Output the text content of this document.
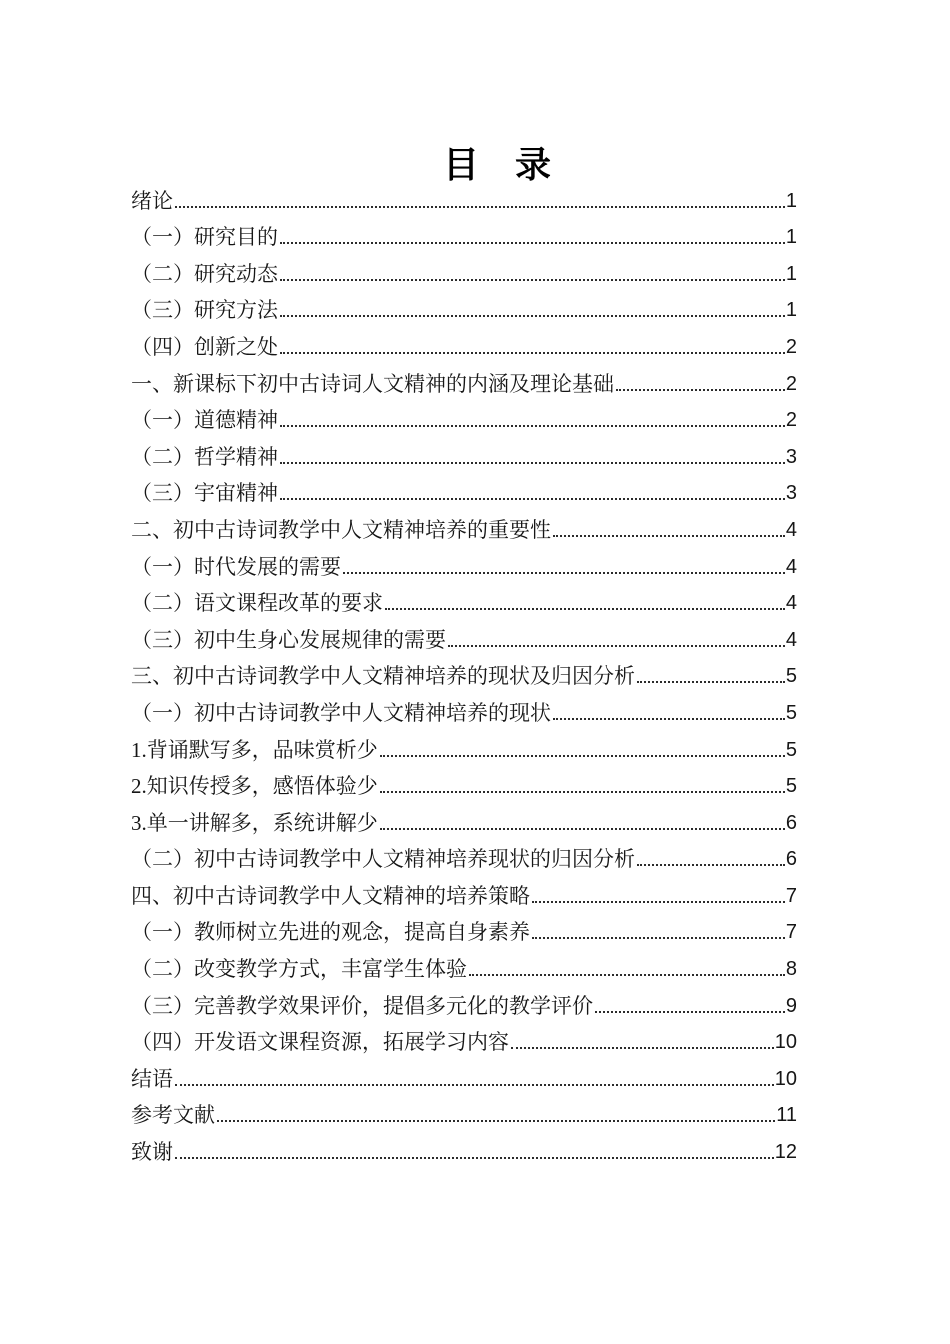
目　录
绪论	1
（一）研究目的	1
（二）研究动态	1
（三）研究方法	1
（四）创新之处	2
一、新课标下初中古诗词人文精神的内涵及理论基础	2
（一）道德精神	2
（二）哲学精神	3
（三）宇宙精神	3
二、初中古诗词教学中人文精神培养的重要性	4
（一）时代发展的需要	4
（二）语文课程改革的要求	4
（三）初中生身心发展规律的需要	4
三、初中古诗词教学中人文精神培养的现状及归因分析	5
（一）初中古诗词教学中人文精神培养的现状	5
1.背诵默写多，品味赏析少	5
2.知识传授多，感悟体验少	5
3.单一讲解多，系统讲解少	6
（二）初中古诗词教学中人文精神培养现状的归因分析	6
四、初中古诗词教学中人文精神的培养策略	7
（一）教师树立先进的观念，提高自身素养	7
（二）改变教学方式，丰富学生体验	8
（三）完善教学效果评价，提倡多元化的教学评价	9
（四）开发语文课程资源，拓展学习内容	10
结语	10
参考文献	11
致谢	12
